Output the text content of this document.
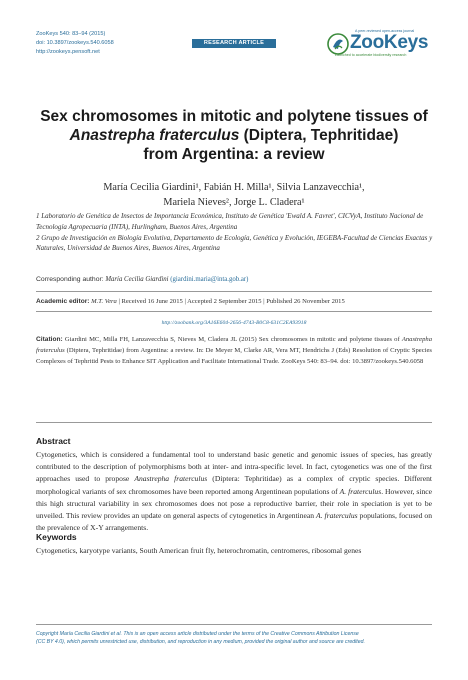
ZooKeys 540: 83–94 (2015)
doi: 10.3897/zookeys.540.6058
http://zookeys.pensoft.net
RESEARCH ARTICLE
A peer-reviewed open-access journal
ZooKeys
Launched to accelerate biodiversity research
Sex chromosomes in mitotic and polytene tissues of
Anastrepha fraterculus (Diptera, Tephritidae)
from Argentina: a review
María Cecilia Giardini¹, Fabián H. Milla¹, Silvia Lanzavecchia¹,
Mariela Nieves², Jorge L. Cladera¹

1 Laboratorio de Genética de Insectos de Importancia Económica, Instituto de Genética 'Ewald A. Favret', CICVyA, Instituto Nacional de Tecnología Agropecuaria (INTA), Hurlingham, Buenos Aires, Argentina

2 Grupo de Investigación en Biología Evolutiva, Departamento de Ecología, Genética y Evolución, IEGEBA-Facultad de Ciencias Exactas y Naturales, Universidad de Buenos Aires, Buenos Aires, Argentina

Corresponding author: María Cecilia Giardini (giardini.maria@inta.gob.ar)
Academic editor: M.T. Vera | Received 16 June 2015 | Accepted 2 September 2015 | Published 26 November 2015
http://zoobank.org/3A16E604-2656-4743-B0C8-631C2EA93918
Citation: Giardini MC, Milla FH, Lanzavecchia S, Nieves M, Cladera JL (2015) Sex chromosomes in mitotic and polytene tissues of Anastrepha fraterculus (Diptera, Tephritidae) from Argentina: a review. In: De Meyer M, Clarke AR, Vera MT, Hendrichs J (Eds) Resolution of Cryptic Species Complexes of Tephritid Pests to Enhance SIT Application and Facilitate International Trade. ZooKeys 540: 83–94. doi: 10.3897/zookeys.540.6058
Abstract
Cytogenetics, which is considered a fundamental tool to understand basic genetic and genomic issues of species, has greatly contributed to the description of polymorphisms both at inter- and intra-specific level. In fact, cytogenetics was one of the first approaches used to propose Anastrepha fraterculus (Diptera: Tephritidae) as a complex of cryptic species. Different morphological variants of sex chromosomes have been reported among Argentinean populations of A. fraterculus. However, since this high structural variability in sex chromosomes does not pose a reproductive barrier, their role in speciation is yet to be unveiled. This review provides an update on general aspects of cytogenetics in Argentinean A. fraterculus populations, focused on the prevalence of X-Y arrangements.
Keywords
Cytogenetics, karyotype variants, South American fruit fly, heterochromatin, centromeres, ribosomal genes
Copyright María Cecilia Giardini et al. This is an open access article distributed under the terms of the Creative Commons Attribution License
(CC BY 4.0), which permits unrestricted use, distribution, and reproduction in any medium, provided the original author and source are credited.
